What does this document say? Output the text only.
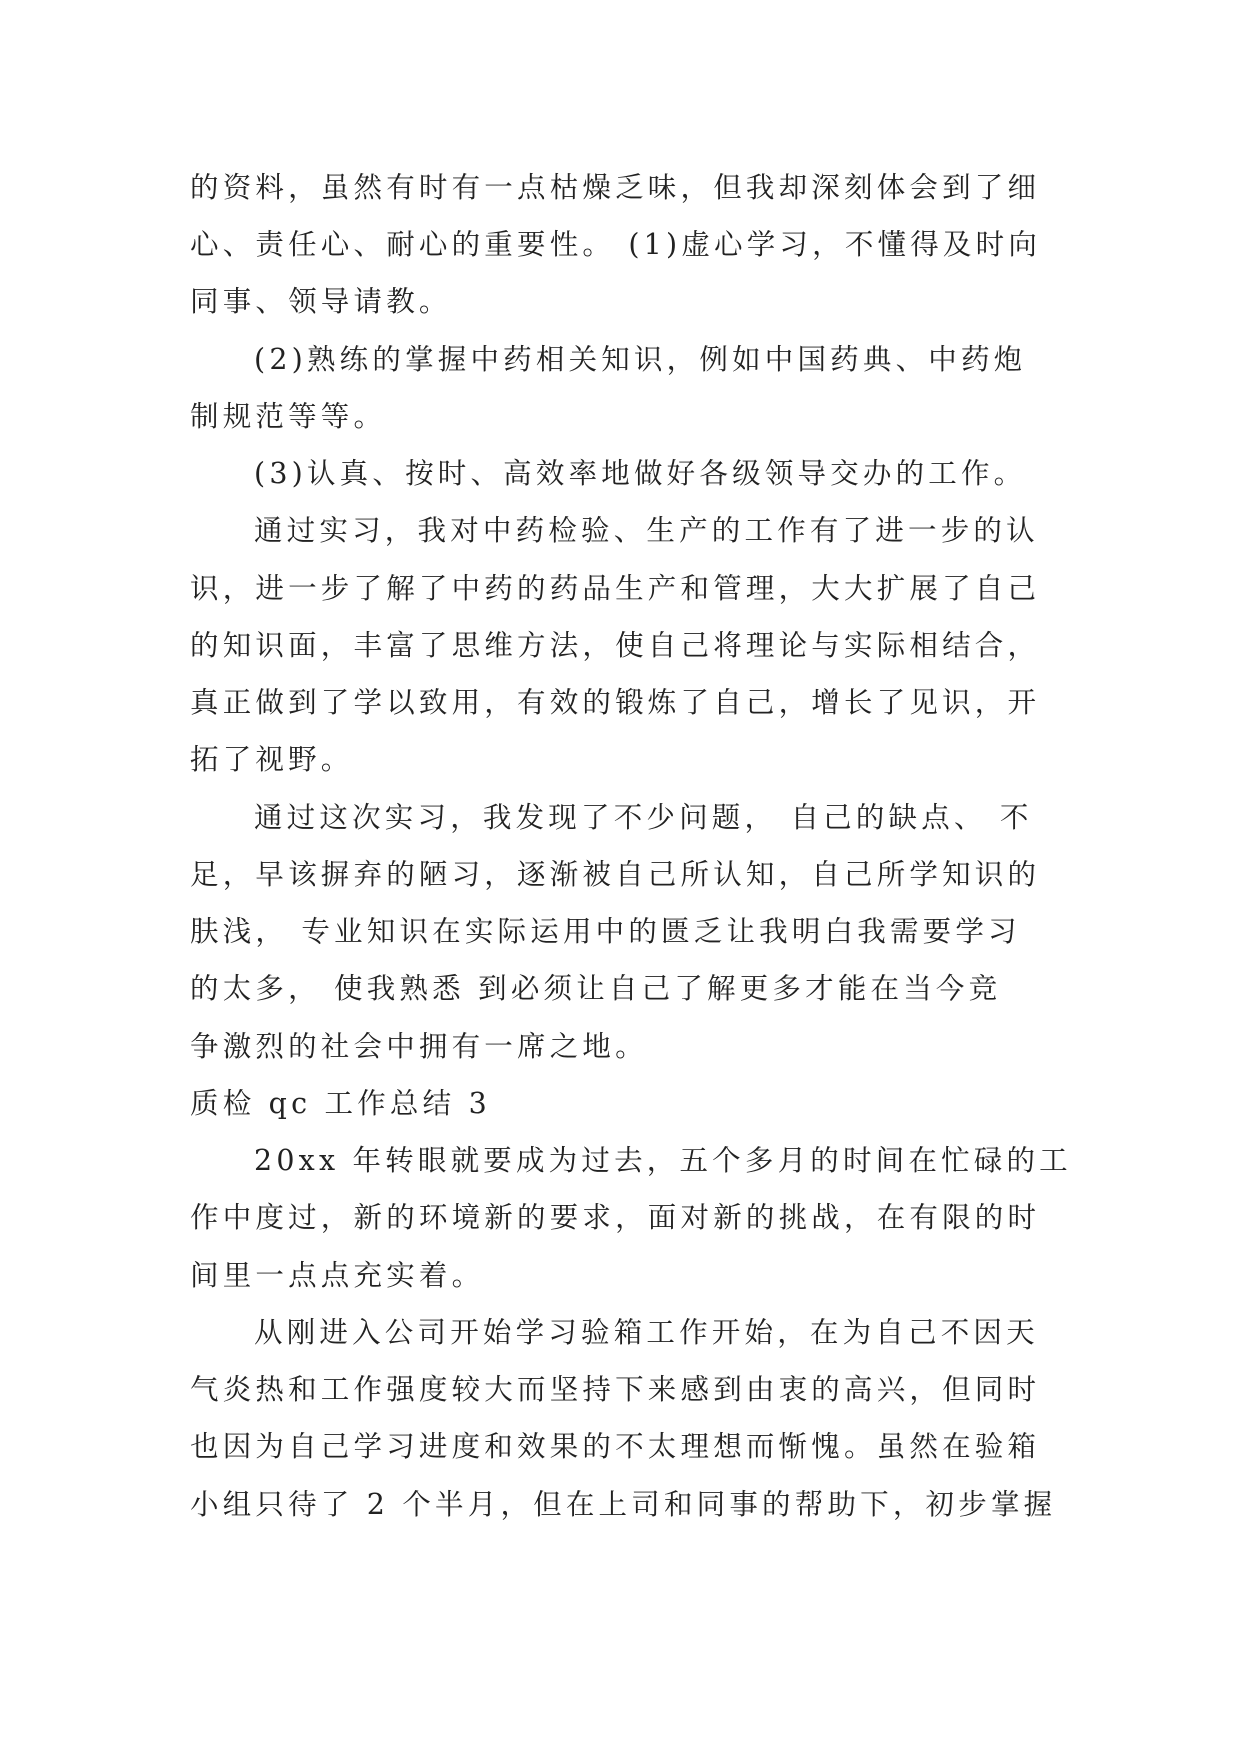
的资料，虽然有时有一点枯燥乏味，但我却深刻体会到了细
心、责任心、耐心的重要性。 (1)虚心学习，不懂得及时向
同事、领导请教。
(2)熟练的掌握中药相关知识，例如中国药典、中药炮
制规范等等。
(3)认真、按时、高效率地做好各级领导交办的工作。
通过实习，我对中药检验、生产的工作有了进一步的认
识，进一步了解了中药的药品生产和管理，大大扩展了自己
的知识面，丰富了思维方法，使自己将理论与实际相结合，
真正做到了学以致用，有效的锻炼了自己，增长了见识，开
拓了视野。
通过这次实习，我发现了不少问题， 自己的缺点、 不
足，早该摒弃的陋习，逐渐被自己所认知，自己所学知识的
肤浅， 专业知识在实际运用中的匮乏让我明白我需要学习
的太多， 使我熟悉 到必须让自己了解更多才能在当今竞
争激烈的社会中拥有一席之地。
质检 qc 工作总结 3
20xx 年转眼就要成为过去，五个多月的时间在忙碌的工
作中度过，新的环境新的要求，面对新的挑战，在有限的时
间里一点点充实着。
从刚进入公司开始学习验箱工作开始，在为自己不因天
气炎热和工作强度较大而坚持下来感到由衷的高兴，但同时
也因为自己学习进度和效果的不太理想而惭愧。虽然在验箱
小组只待了 2 个半月，但在上司和同事的帮助下，初步掌握
